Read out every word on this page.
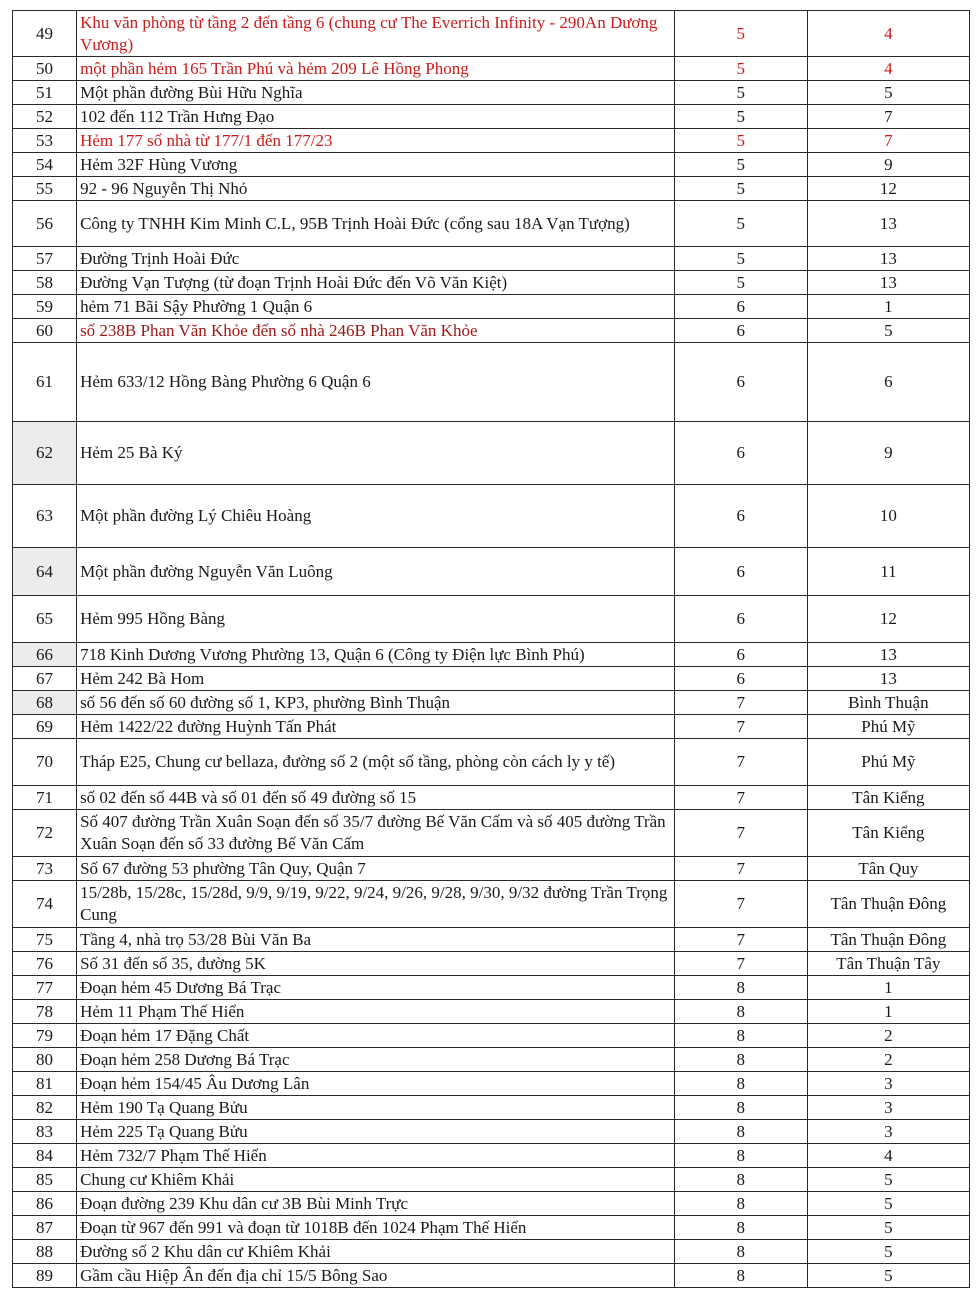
49	Khu văn phòng từ tầng 2 đến tầng 6 (chung cư The Everrich Infinity - 290An Dương Vương)	5	4
50	một phần hẻm 165 Trần Phú và hẻm 209 Lê Hồng Phong	5	4
51	Một phần đường Bùi Hữu Nghĩa	5	5
52	102 đến 112 Trần Hưng Đạo	5	7
53	Hẻm 177 số nhà từ 177/1 đến 177/23	5	7
54	Hẻm 32F Hùng Vương	5	9
55	92 - 96 Nguyễn Thị Nhỏ	5	12
56	Công ty TNHH Kim Minh C.L, 95B Trịnh Hoài Đức (cổng sau 18A Vạn Tượng)	5	13
57	Đường Trịnh Hoài Đức	5	13
58	Đường Vạn Tượng (từ đoạn Trịnh Hoài Đức đến Võ Văn Kiệt)	5	13
59	hẻm 71 Bãi Sậy Phường 1 Quận 6	6	1
60	số 238B Phan Văn Khỏe đến số nhà 246B Phan Văn Khỏe	6	5
61	Hẻm 633/12 Hồng Bàng Phường 6 Quận 6	6	6
62	Hẻm 25 Bà Ký	6	9
63	Một phần đường Lý Chiêu Hoàng	6	10
64	Một phần đường Nguyễn Văn Luông	6	11
65	Hẻm 995 Hồng Bàng	6	12
66	718 Kinh Dương Vương Phường 13, Quận 6 (Công ty Điện lực Bình Phú)	6	13
67	Hẻm 242 Bà Hom	6	13
68	số 56 đến số 60 đường số 1, KP3, phường Bình Thuận	7	Bình Thuận
69	Hẻm 1422/22 đường Huỳnh Tấn Phát	7	Phú Mỹ
70	Tháp E25, Chung cư bellaza, đường số 2 (một số tầng, phòng còn cách ly y tế)	7	Phú Mỹ
71	số 02 đến số 44B và số 01 đến số 49 đường số 15	7	Tân Kiểng
72	Số 407 đường Trần Xuân Soạn đến số 35/7 đường Bế Văn Cấm và số 405 đường Trần Xuân Soạn đến số 33 đường Bế Văn Cấm	7	Tân Kiểng
73	Số 67 đường 53 phường Tân Quy, Quận 7	7	Tân Quy
74	15/28b, 15/28c, 15/28d, 9/9, 9/19, 9/22, 9/24, 9/26, 9/28, 9/30, 9/32 đường Trần Trọng Cung	7	Tân Thuận Đông
75	Tầng 4, nhà trọ 53/28 Bùi Văn Ba	7	Tân Thuận Đông
76	Số 31 đến số 35, đường 5K	7	Tân Thuận Tây
77	Đoạn hẻm 45 Dương Bá Trạc	8	1
78	Hẻm 11 Phạm Thế Hiển	8	1
79	Đoạn hẻm 17 Đặng Chất	8	2
80	Đoạn hẻm 258 Dương Bá Trạc	8	2
81	Đoạn hẻm 154/45 Âu Dương Lân	8	3
82	Hẻm 190 Tạ Quang Bửu	8	3
83	Hẻm 225 Tạ Quang Bửu	8	3
84	Hẻm 732/7 Phạm Thế Hiển	8	4
85	Chung cư Khiêm Khải	8	5
86	Đoạn đường 239 Khu dân cư 3B Bùi Minh Trực	8	5
87	Đoạn từ 967 đến 991 và đoạn từ 1018B đến 1024 Phạm Thế Hiển	8	5
88	Đường số 2 Khu dân cư Khiêm Khải	8	5
89	Gầm cầu Hiệp Ân đến địa chỉ 15/5 Bông Sao	8	5
